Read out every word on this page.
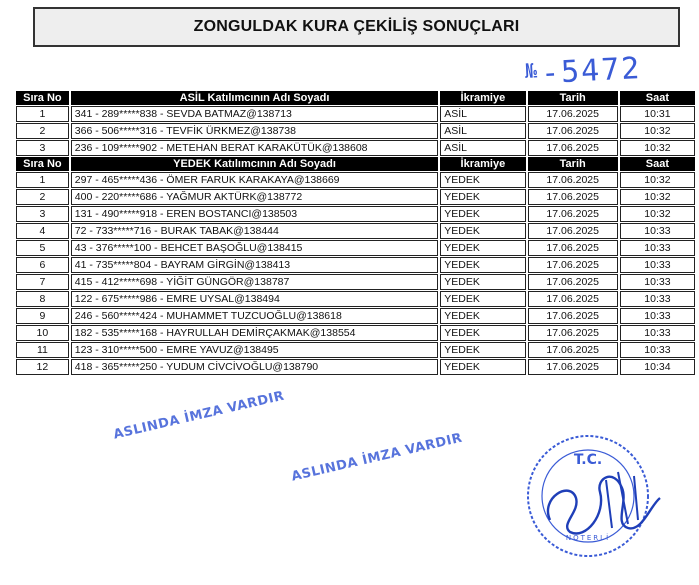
ZONGULDAK KURA ÇEKİLİŞ SONUÇLARI
№-5472
Sıra No	ASİL Katılımcının Adı Soyadı	İkramiye	Tarih	Saat
1	341 - 289*****838 - SEVDA BATMAZ@138713	ASİL	17.06.2025	10:31
2	366 - 506*****316 - TEVFİK ÜRKMEZ@138738	ASİL	17.06.2025	10:32
3	236 - 109*****902 - METEHAN BERAT KARAKÜTÜK@138608	ASİL	17.06.2025	10:32
Sıra No	YEDEK Katılımcının Adı Soyadı	İkramiye	Tarih	Saat
1	297 - 465*****436 - ÖMER FARUK KARAKAYA@138669	YEDEK	17.06.2025	10:32
2	400 - 220*****686 - YAĞMUR AKTÜRK@138772	YEDEK	17.06.2025	10:32
3	131 - 490*****918 - EREN BOSTANCI@138503	YEDEK	17.06.2025	10:32
4	72 - 733*****716 - BURAK TABAK@138444	YEDEK	17.06.2025	10:33
5	43 - 376*****100 - BEHCET BAŞOĞLU@138415	YEDEK	17.06.2025	10:33
6	41 - 735*****804 - BAYRAM GİRGİN@138413	YEDEK	17.06.2025	10:33
7	415 - 412*****698 - YİĞİT GÜNGÖR@138787	YEDEK	17.06.2025	10:33
8	122 - 675*****986 - EMRE UYSAL@138494	YEDEK	17.06.2025	10:33
9	246 - 560*****424 - MUHAMMET TUZCUOĞLU@138618	YEDEK	17.06.2025	10:33
10	182 - 535*****168 - HAYRULLAH DEMİRÇAKMAK@138554	YEDEK	17.06.2025	10:33
11	123 - 310*****500 - EMRE YAVUZ@138495	YEDEK	17.06.2025	10:33
12	418 - 365*****250 - YUDUM CİVCİVOĞLU@138790	YEDEK	17.06.2025	10:34
ASLINDA İMZA VARDIR
ASLINDA İMZA VARDIR	T.C.
NOTERLİ
